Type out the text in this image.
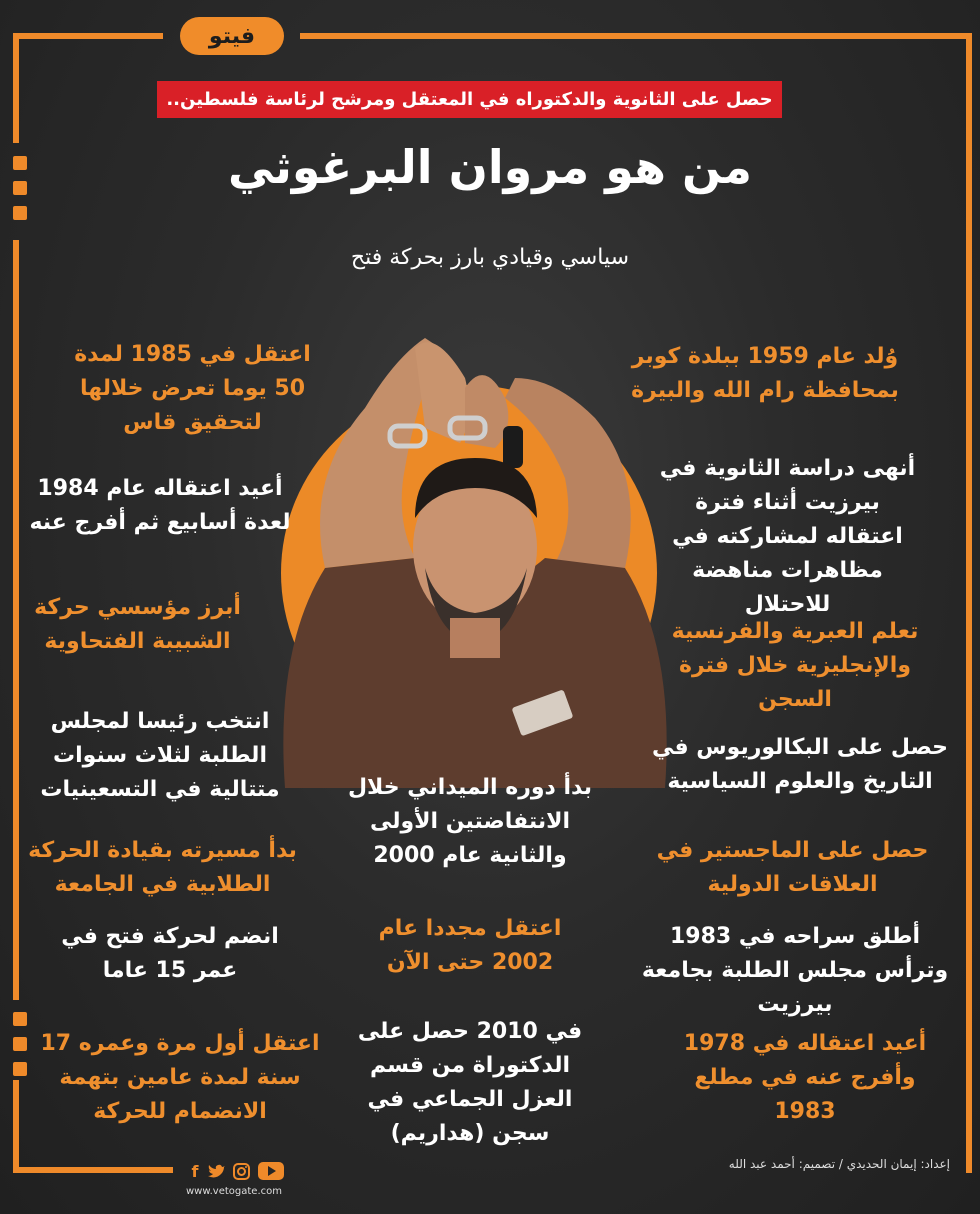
فيتو
حصل على الثانوية والدكتوراه في المعتقل ومرشح لرئاسة فلسطين..
من هو مروان البرغوثي
سياسي وقيادي بارز بحركة فتح

وُلد عام 1959 ببلدة كوبر بمحافظة رام الله والبيرة

أنهى دراسة الثانوية في بيرزيت أثناء فترة اعتقاله لمشاركته في مظاهرات مناهضة للاحتلال

تعلم العبرية والفرنسية والإنجليزية خلال فترة السجن

حصل على البكالوريوس في التاريخ والعلوم السياسية

حصل على الماجستير في العلاقات الدولية

أطلق سراحه في 1983 وترأس مجلس الطلبة بجامعة بيرزيت

أعيد اعتقاله في 1978 وأفرج عنه في مطلع 1983

اعتقل في 1985 لمدة 50 يوما تعرض خلالها لتحقيق قاس

أعيد اعتقاله عام 1984 لعدة أسابيع ثم أفرج عنه

أبرز مؤسسي حركة الشبيبة الفتحاوية

انتخب رئيسا لمجلس الطلبة لثلاث سنوات متتالية في التسعينيات

بدأ مسيرته بقيادة الحركة الطلابية في الجامعة

انضم لحركة فتح في عمر 15 عاما

اعتقل أول مرة وعمره 17 سنة لمدة عامين بتهمة الانضمام للحركة

بدأ دوره الميداني خلال الانتفاضتين الأولى والثانية عام 2000

اعتقل مجددا عام 2002 حتى الآن

في 2010 حصل على الدكتوراة من قسم العزل الجماعي في سجن (هداريم)

إعداد: إيمان الحديدي / تصميم: أحمد عبد الله
www.vetogate.com
f
